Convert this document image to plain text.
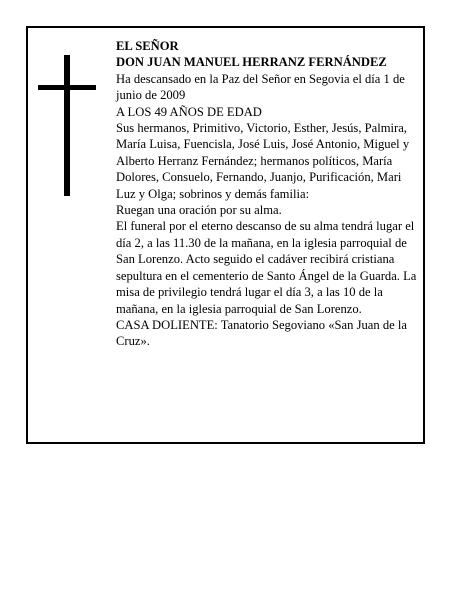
EL SEÑOR

DON JUAN MANUEL HERRANZ FERNÁNDEZ

Ha descansado en la Paz del Señor en Segovia el día 1 de junio de 2009

A LOS 49 AÑOS DE EDAD

Sus hermanos, Primitivo, Victorio, Esther, Jesús, Palmira, María Luisa, Fuencisla, José Luis, José Antonio, Miguel y Alberto Herranz Fernández; hermanos políticos, María Dolores, Consuelo, Fernando, Juanjo, Purificación, Mari Luz y Olga; sobrinos y demás familia:

Ruegan una oración por su alma.

El funeral por el eterno descanso de su alma tendrá lugar el día 2, a las 11.30 de la mañana, en la iglesia parroquial de San Lorenzo. Acto seguido el cadáver recibirá cristiana sepultura en el cementerio de Santo Ángel de la Guarda. La misa de privilegio tendrá lugar el día 3, a las 10 de la mañana, en la iglesia parroquial de San Lorenzo.

CASA DOLIENTE: Tanatorio Segoviano «San Juan de la Cruz».
